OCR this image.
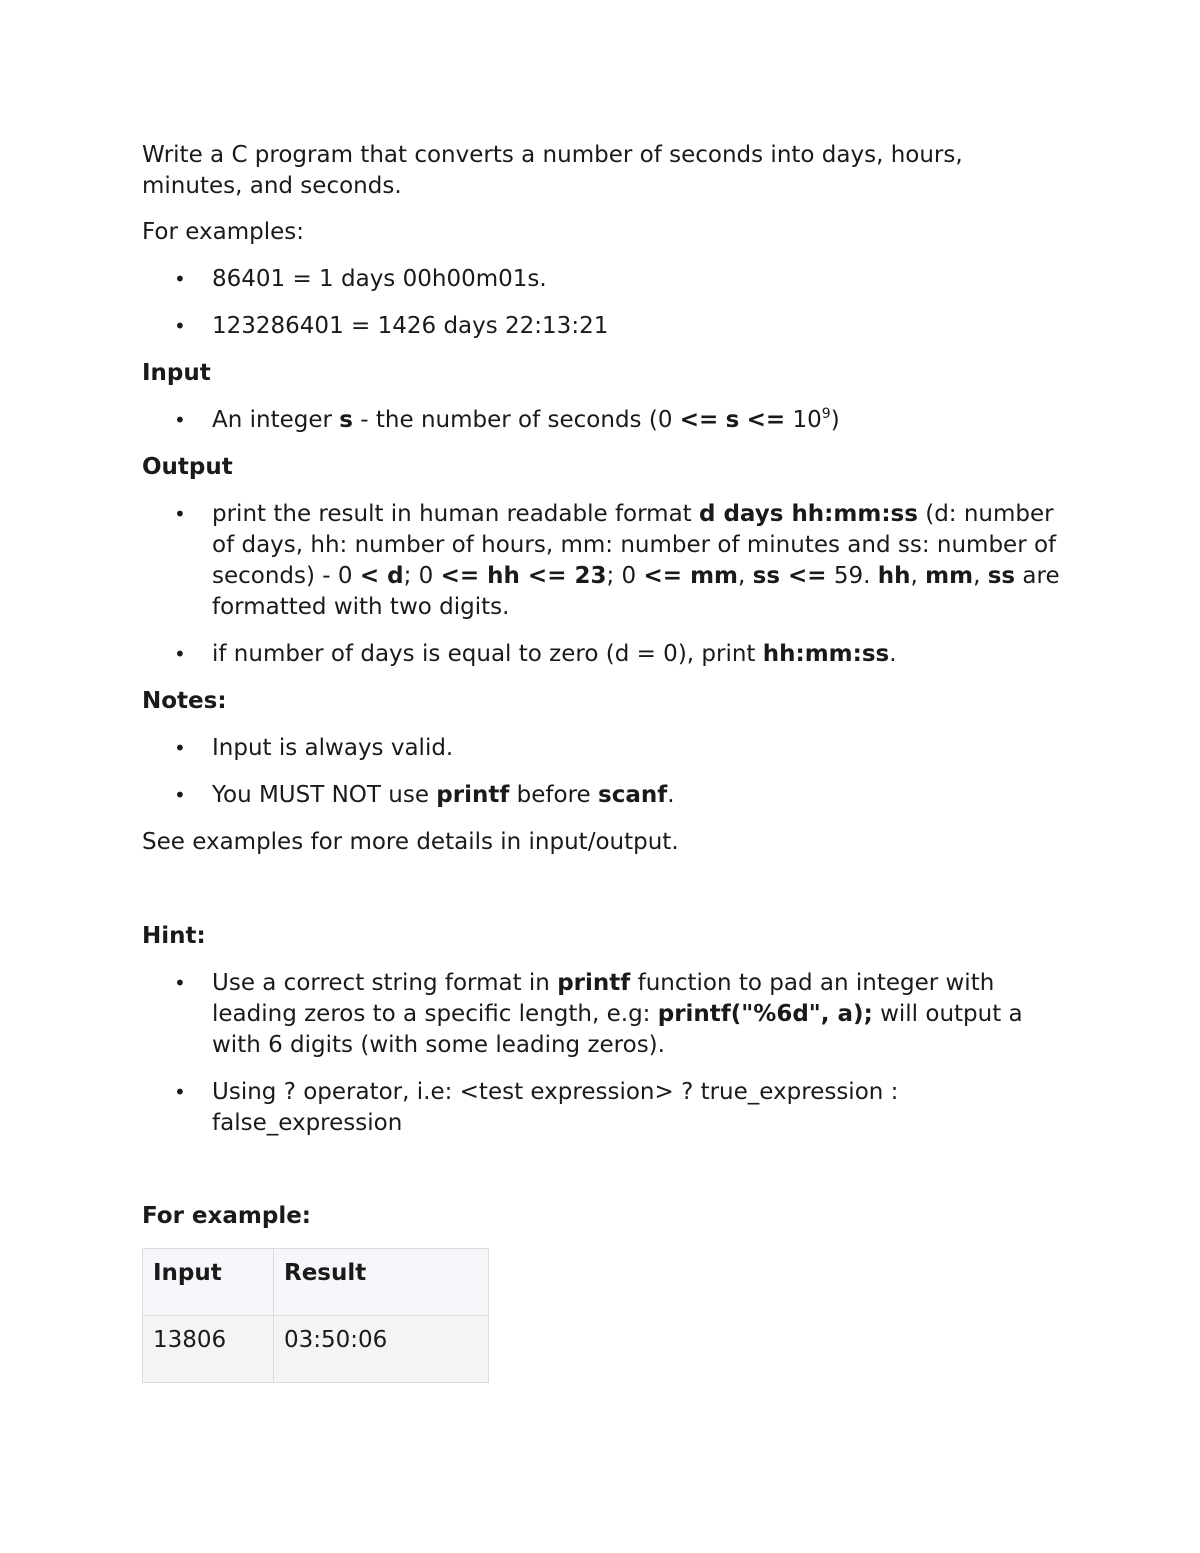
Write a C program that converts a number of seconds into days, hours, minutes, and seconds.

For examples:

• 86401 = 1 days 00h00m01s.
• 123286401 = 1426 days 22:13:21

Input

• An integer s - the number of seconds $(0 <= s <= 10^9)$

Output

• print the result in human readable format d days hh:mm:ss (d: number of days, hh: number of hours, mm: number of minutes and ss: number of seconds) - 0 < d; 0 <= hh <= 23; 0 <= mm, ss <= 59. hh, mm, ss are formatted with two digits.
• if number of days is equal to zero (d = 0), print hh:mm:ss.

Notes:

• Input is always valid.
• You MUST NOT use printf before scanf.

See examples for more details in input/output.

Hint:

• Use a correct string format in printf function to pad an integer with leading zeros to a specific length, e.g: printf("%6d", a); will output a with 6 digits (with some leading zeros).
• Using ? operator, i.e: <test expression> ? true_expression : false_expression

For example:

Input	Result
13806	03:50:06
